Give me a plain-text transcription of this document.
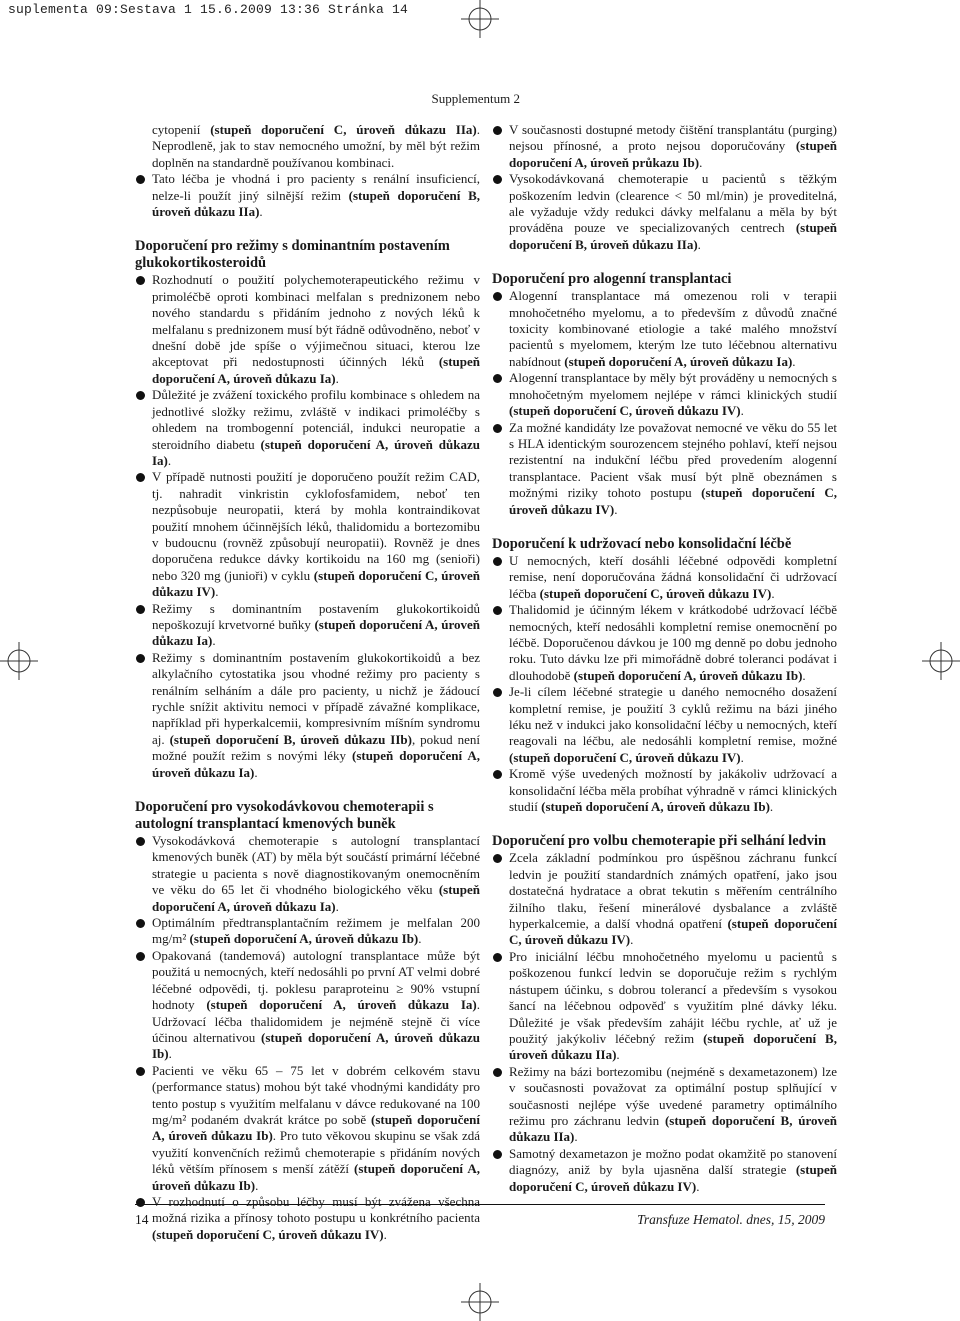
suplementa 09:Sestava 1 15.6.2009 13:36 Stránka 14
Supplementum 2
cytopenií (stupeň doporučení C, úroveň důkazu IIa). Neprodleně, jak to stav nemocného umožní, by měl být režim doplněn na standardně používanou kombinaci.
Tato léčba je vhodná i pro pacienty s renální insuficiencí, nelze-li použít jiný silnější režim (stupeň doporučení B, úroveň důkazu IIa).
Doporučení pro režimy s dominantním postavením glukokortikosteroidů
Rozhodnutí o použití polychemoterapeutického režimu v primoléčbě oproti kombinaci melfalan s prednizonem nebo nového standardu s přidáním jednoho z nových léků k melfalanu s prednizonem musí být řádně odůvodněno, neboť v dnešní době jde spíše o výjimečnou situaci, kterou lze akceptovat při nedostupnosti účinných léků (stupeň doporučení A, úroveň důkazu Ia).
Důležité je zvážení toxického profilu kombinace s ohledem na jednotlivé složky režimu, zvláště v indikaci primoléčby s ohledem na trombogenní potenciál, indukci neuropatie a steroidního diabetu (stupeň doporučení A, úroveň důkazu Ia).
V případě nutnosti použití je doporučeno použít režim CAD, tj. nahradit vinkristin cyklofosfamidem, neboť ten nezpůsobuje neuropatii, která by mohla kontraindikovat použití mnohem účinnějších léků, thalidomidu a bortezomibu v budoucnu (rovněž způsobují neuropatii). Rovněž je dnes doporučena redukce dávky kortikoidu na 160 mg (senioři) nebo 320 mg (junioři) v cyklu (stupeň doporučení C, úroveň důkazu IV).
Režimy s dominantním postavením glukokortikoidů nepoškozují krvetvorné buňky (stupeň doporučení A, úroveň důkazu Ia).
Režimy s dominantním postavením glukokortikoidů a bez alkylačního cytostatika jsou vhodné režimy pro pacienty s renálním selháním a dále pro pacienty, u nichž je žádoucí rychle snížit aktivitu nemoci v případě závažné komplikace, například při hyperkalcemii, kompresivním míšním syndromu aj. (stupeň doporučení B, úroveň důkazu IIb), pokud není možné použít režim s novými léky (stupeň doporučení A, úroveň důkazu Ia).
Doporučení pro vysokodávkovou chemoterapii s autologní transplantací kmenových buněk
Vysokodávková chemoterapie s autologní transplantací kmenových buněk (AT) by měla být součástí primární léčebné strategie u pacienta s nově diagnostikovaným onemocněním ve věku do 65 let či vhodného biologického věku (stupeň doporučení A, úroveň důkazu Ia).
Optimálním předtransplantačním režimem je melfalan 200 mg/m² (stupeň doporučení A, úroveň důkazu Ib).
Opakovaná (tandemová) autologní transplantace může být použitá u nemocných, kteří nedosáhli po první AT velmi dobré léčebné odpovědi, tj. poklesu paraproteinu ≥ 90% vstupní hodnoty (stupeň doporučení A, úroveň důkazu Ia). Udržovací léčba thalidomidem je nejméně stejně či více účinou alternativou (stupeň doporučení A, úroveň důkazu Ib).
Pacienti ve věku 65 – 75 let v dobrém celkovém stavu (performance status) mohou být také vhodnými kandidáty pro tento postup s využitím melfalanu v dávce redukované na 100 mg/m² podaném dvakrát krátce po sobě (stupeň doporučení A, úroveň důkazu Ib). Pro tuto věkovou skupinu se však zdá využití konvenčních režimů chemoterapie s přidáním nových léků větším přínosem s menší zátěží (stupeň doporučení A, úroveň důkazu Ib).
V rozhodnutí o způsobu léčby musí být zvážena všechna možná rizika a přínosy tohoto postupu u konkrétního pacienta (stupeň doporučení C, úroveň důkazu IV).
V současnosti dostupné metody čištění transplantátu (purging) nejsou přínosné, a proto nejsou doporučovány (stupeň doporučení A, úroveň průkazu Ib).
Vysokodávkovaná chemoterapie u pacientů s těžkým poškozením ledvin (clearence < 50 ml/min) je proveditelná, ale vyžaduje vždy redukci dávky melfalanu a měla by být prováděna pouze ve specializovaných centrech (stupeň doporučení B, úroveň důkazu IIa).
Doporučení pro alogenní transplantaci
Alogenní transplantace má omezenou roli v terapii mnohočetného myelomu, a to především z důvodů značné toxicity kombinované etiologie a také malého množství pacientů s myelomem, kterým lze tuto léčebnou alternativu nabídnout (stupeň doporučení A, úroveň důkazu Ia).
Alogenní transplantace by měly být prováděny u nemocných s mnohočetným myelomem nejlépe v rámci klinických studií (stupeň doporučení C, úroveň důkazu IV).
Za možné kandidáty lze považovat nemocné ve věku do 55 let s HLA identickým sourozencem stejného pohlaví, kteří nejsou rezistentní na indukční léčbu před provedením alogenní transplantace. Pacient však musí být plně obeznámen s možnými riziky tohoto postupu (stupeň doporučení C, úroveň důkazu IV).
Doporučení k udržovací nebo konsolidační léčbě
U nemocných, kteří dosáhli léčebné odpovědi kompletní remise, není doporučována žádná konsolidační či udržovací léčba (stupeň doporučení C, úroveň důkazu IV).
Thalidomid je účinným lékem v krátkodobé udržovací léčbě nemocných, kteří nedosáhli kompletní remise onemocnění po léčbě. Doporučenou dávkou je 100 mg denně po dobu jednoho roku. Tuto dávku lze při mimořádně dobré toleranci podávat i dlouhodobě (stupeň doporučení A, úroveň důkazu Ib).
Je-li cílem léčebné strategie u daného nemocného dosažení kompletní remise, je použití 3 cyklů režimu na bázi jiného léku než v indukci jako konsolidační léčby u nemocných, kteří reagovali na léčbu, ale nedosáhli kompletní remise, možné (stupeň doporučení C, úroveň důkazu IV).
Kromě výše uvedených možností by jakákoliv udržovací a konsolidační léčba měla probíhat výhradně v rámci klinických studií (stupeň doporučení A, úroveň důkazu Ib).
Doporučení pro volbu chemoterapie při selhání ledvin
Zcela základní podmínkou pro úspěšnou záchranu funkcí ledvin je použití standardních známých opatření, jako jsou dostatečná hydratace a obrat tekutin s měřením centrálního žilního tlaku, řešení minerálové dysbalance a zvláště hyperkalcemie, a další vhodná opatření (stupeň doporučení C, úroveň důkazu IV).
Pro iniciální léčbu mnohočetného myelomu u pacientů s poškozenou funkcí ledvin se doporučuje režim s rychlým nástupem účinku, s dobrou tolerancí a především s vysokou šancí na léčebnou odpověď s využitím plné dávky léku. Důležité je však především zahájit léčbu rychle, ať už je použitý jakýkoliv léčebný režim (stupeň doporučení B, úroveň důkazu IIa).
Režimy na bázi bortezomibu (nejméně s dexametazonem) lze v současnosti považovat za optimální postup splňující v současnosti nejlépe výše uvedené parametry optimálního režimu pro záchranu ledvin (stupeň doporučení B, úroveň důkazu IIa).
Samotný dexametazon je možno podat okamžitě po stanovení diagnózy, aniž by byla ujasněna další strategie (stupeň doporučení C, úroveň důkazu IV).
14	Transfuze Hematol. dnes, 15, 2009
